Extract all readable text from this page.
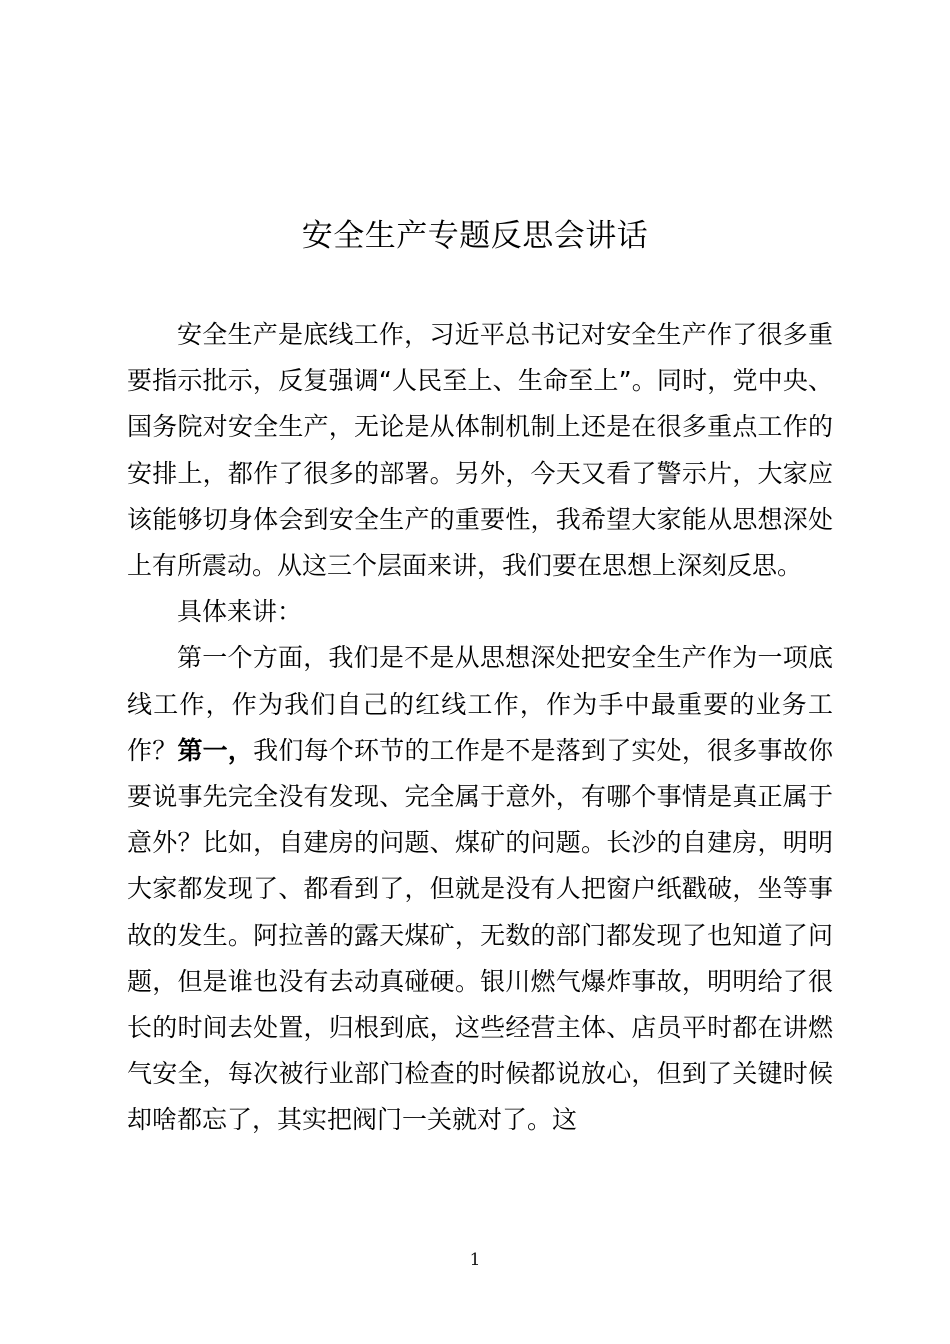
安全生产专题反思会讲话

安全生产是底线工作，习近平总书记对安全生产作了很多重要指示批示，反复强调“人民至上、生命至上”。同时，党中央、国务院对安全生产，无论是从体制机制上还是在很多重点工作的安排上，都作了很多的部署。另外，今天又看了警示片，大家应该能够切身体会到安全生产的重要性，我希望大家能从思想深处上有所震动。从这三个层面来讲，我们要在思想上深刻反思。

具体来讲：

第一个方面，我们是不是从思想深处把安全生产作为一项底线工作，作为我们自己的红线工作，作为手中最重要的业务工作？第一，我们每个环节的工作是不是落到了实处，很多事故你要说事先完全没有发现、完全属于意外，有哪个事情是真正属于意外？比如，自建房的问题、煤矿的问题。长沙的自建房，明明大家都发现了、都看到了，但就是没有人把窗户纸戳破，坐等事故的发生。阿拉善的露天煤矿，无数的部门都发现了也知道了问题，但是谁也没有去动真碰硬。银川燃气爆炸事故，明明给了很长的时间去处置，归根到底，这些经营主体、店员平时都在讲燃气安全，每次被行业部门检查的时候都说放心，但到了关键时候却啥都忘了，其实把阀门一关就对了。这

1
